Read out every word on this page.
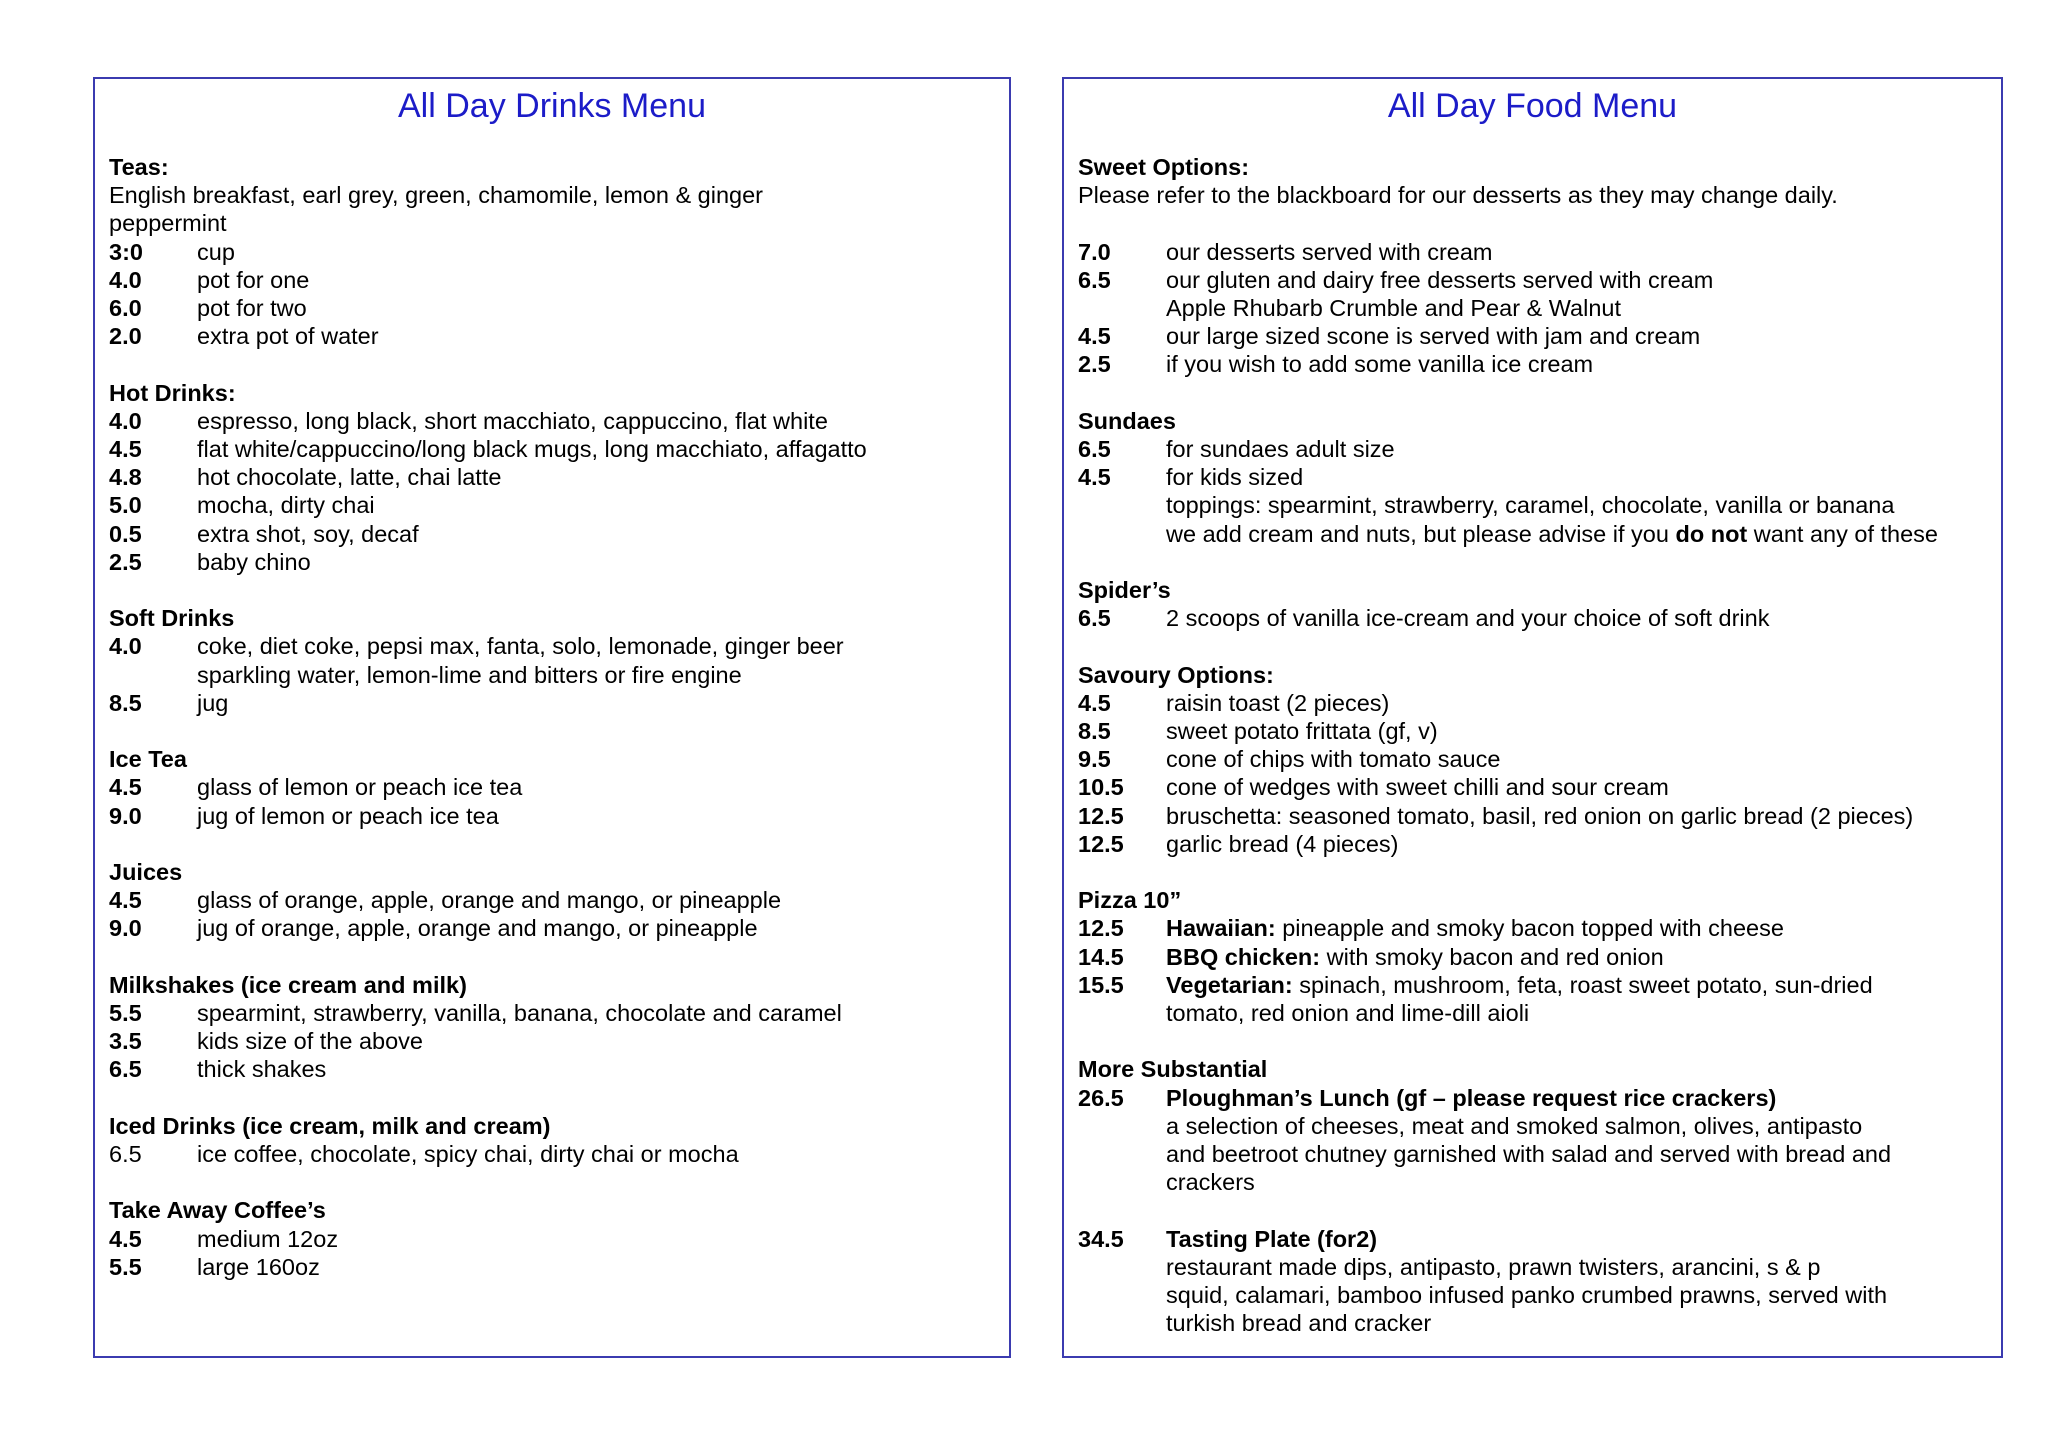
All Day Drinks Menu
Teas:
English breakfast, earl grey, green, chamomile, lemon & ginger
peppermint
3:0	cup
4.0	pot for one
6.0	pot for two
2.0	extra pot of water
Hot Drinks:
4.0	espresso, long black, short macchiato, cappuccino, flat white
4.5	flat white/cappuccino/long black mugs, long macchiato, affagatto
4.8	hot chocolate, latte, chai latte
5.0	mocha, dirty chai
0.5	extra shot, soy, decaf
2.5	baby chino
Soft Drinks
4.0	coke, diet coke, pepsi max, fanta, solo, lemonade, ginger beer
sparkling water, lemon-lime and bitters or fire engine
8.5	jug
Ice Tea
4.5	glass of lemon or peach ice tea
9.0	jug of lemon or peach ice tea
Juices
4.5	glass of orange, apple, orange and mango, or pineapple
9.0	jug of orange, apple, orange and mango, or pineapple
Milkshakes (ice cream and milk)
5.5	spearmint, strawberry, vanilla, banana, chocolate and caramel
3.5	kids size of the above
6.5	thick shakes
Iced Drinks (ice cream, milk and cream)
6.5	ice coffee, chocolate, spicy chai, dirty chai or mocha
Take Away Coffee’s
4.5	medium 12oz
5.5	large 160oz
All Day Food Menu
Sweet Options:
Please refer to the blackboard for our desserts as they may change daily.
7.0	our desserts served with cream
6.5	our gluten and dairy free desserts served with cream
Apple Rhubarb Crumble and Pear & Walnut
4.5	our large sized scone is served with jam and cream
2.5	if you wish to add some vanilla ice cream
Sundaes
6.5	for sundaes adult size
4.5	for kids sized
toppings: spearmint, strawberry, caramel, chocolate, vanilla or banana
we add cream and nuts, but please advise if you do not want any of these
Spider’s
6.5	2 scoops of vanilla ice-cream and your choice of soft drink
Savoury Options:
4.5	raisin toast (2 pieces)
8.5	sweet potato frittata (gf, v)
9.5	cone of chips with tomato sauce
10.5	cone of wedges with sweet chilli and sour cream
12.5	bruschetta: seasoned tomato, basil, red onion on garlic bread (2 pieces)
12.5	garlic bread (4 pieces)
Pizza 10”
12.5	Hawaiian: pineapple and smoky bacon topped with cheese
14.5	BBQ chicken: with smoky bacon and red onion
15.5	Vegetarian: spinach, mushroom, feta, roast sweet potato, sun-dried
tomato, red onion and lime-dill aioli
More Substantial
26.5	Ploughman’s Lunch (gf – please request rice crackers)
a selection of cheeses, meat and smoked salmon, olives, antipasto
and beetroot chutney garnished with salad and served with bread and
crackers
34.5	Tasting Plate (for2)
restaurant made dips, antipasto, prawn twisters, arancini, s & p
squid, calamari, bamboo infused panko crumbed prawns, served with
turkish bread and cracker
